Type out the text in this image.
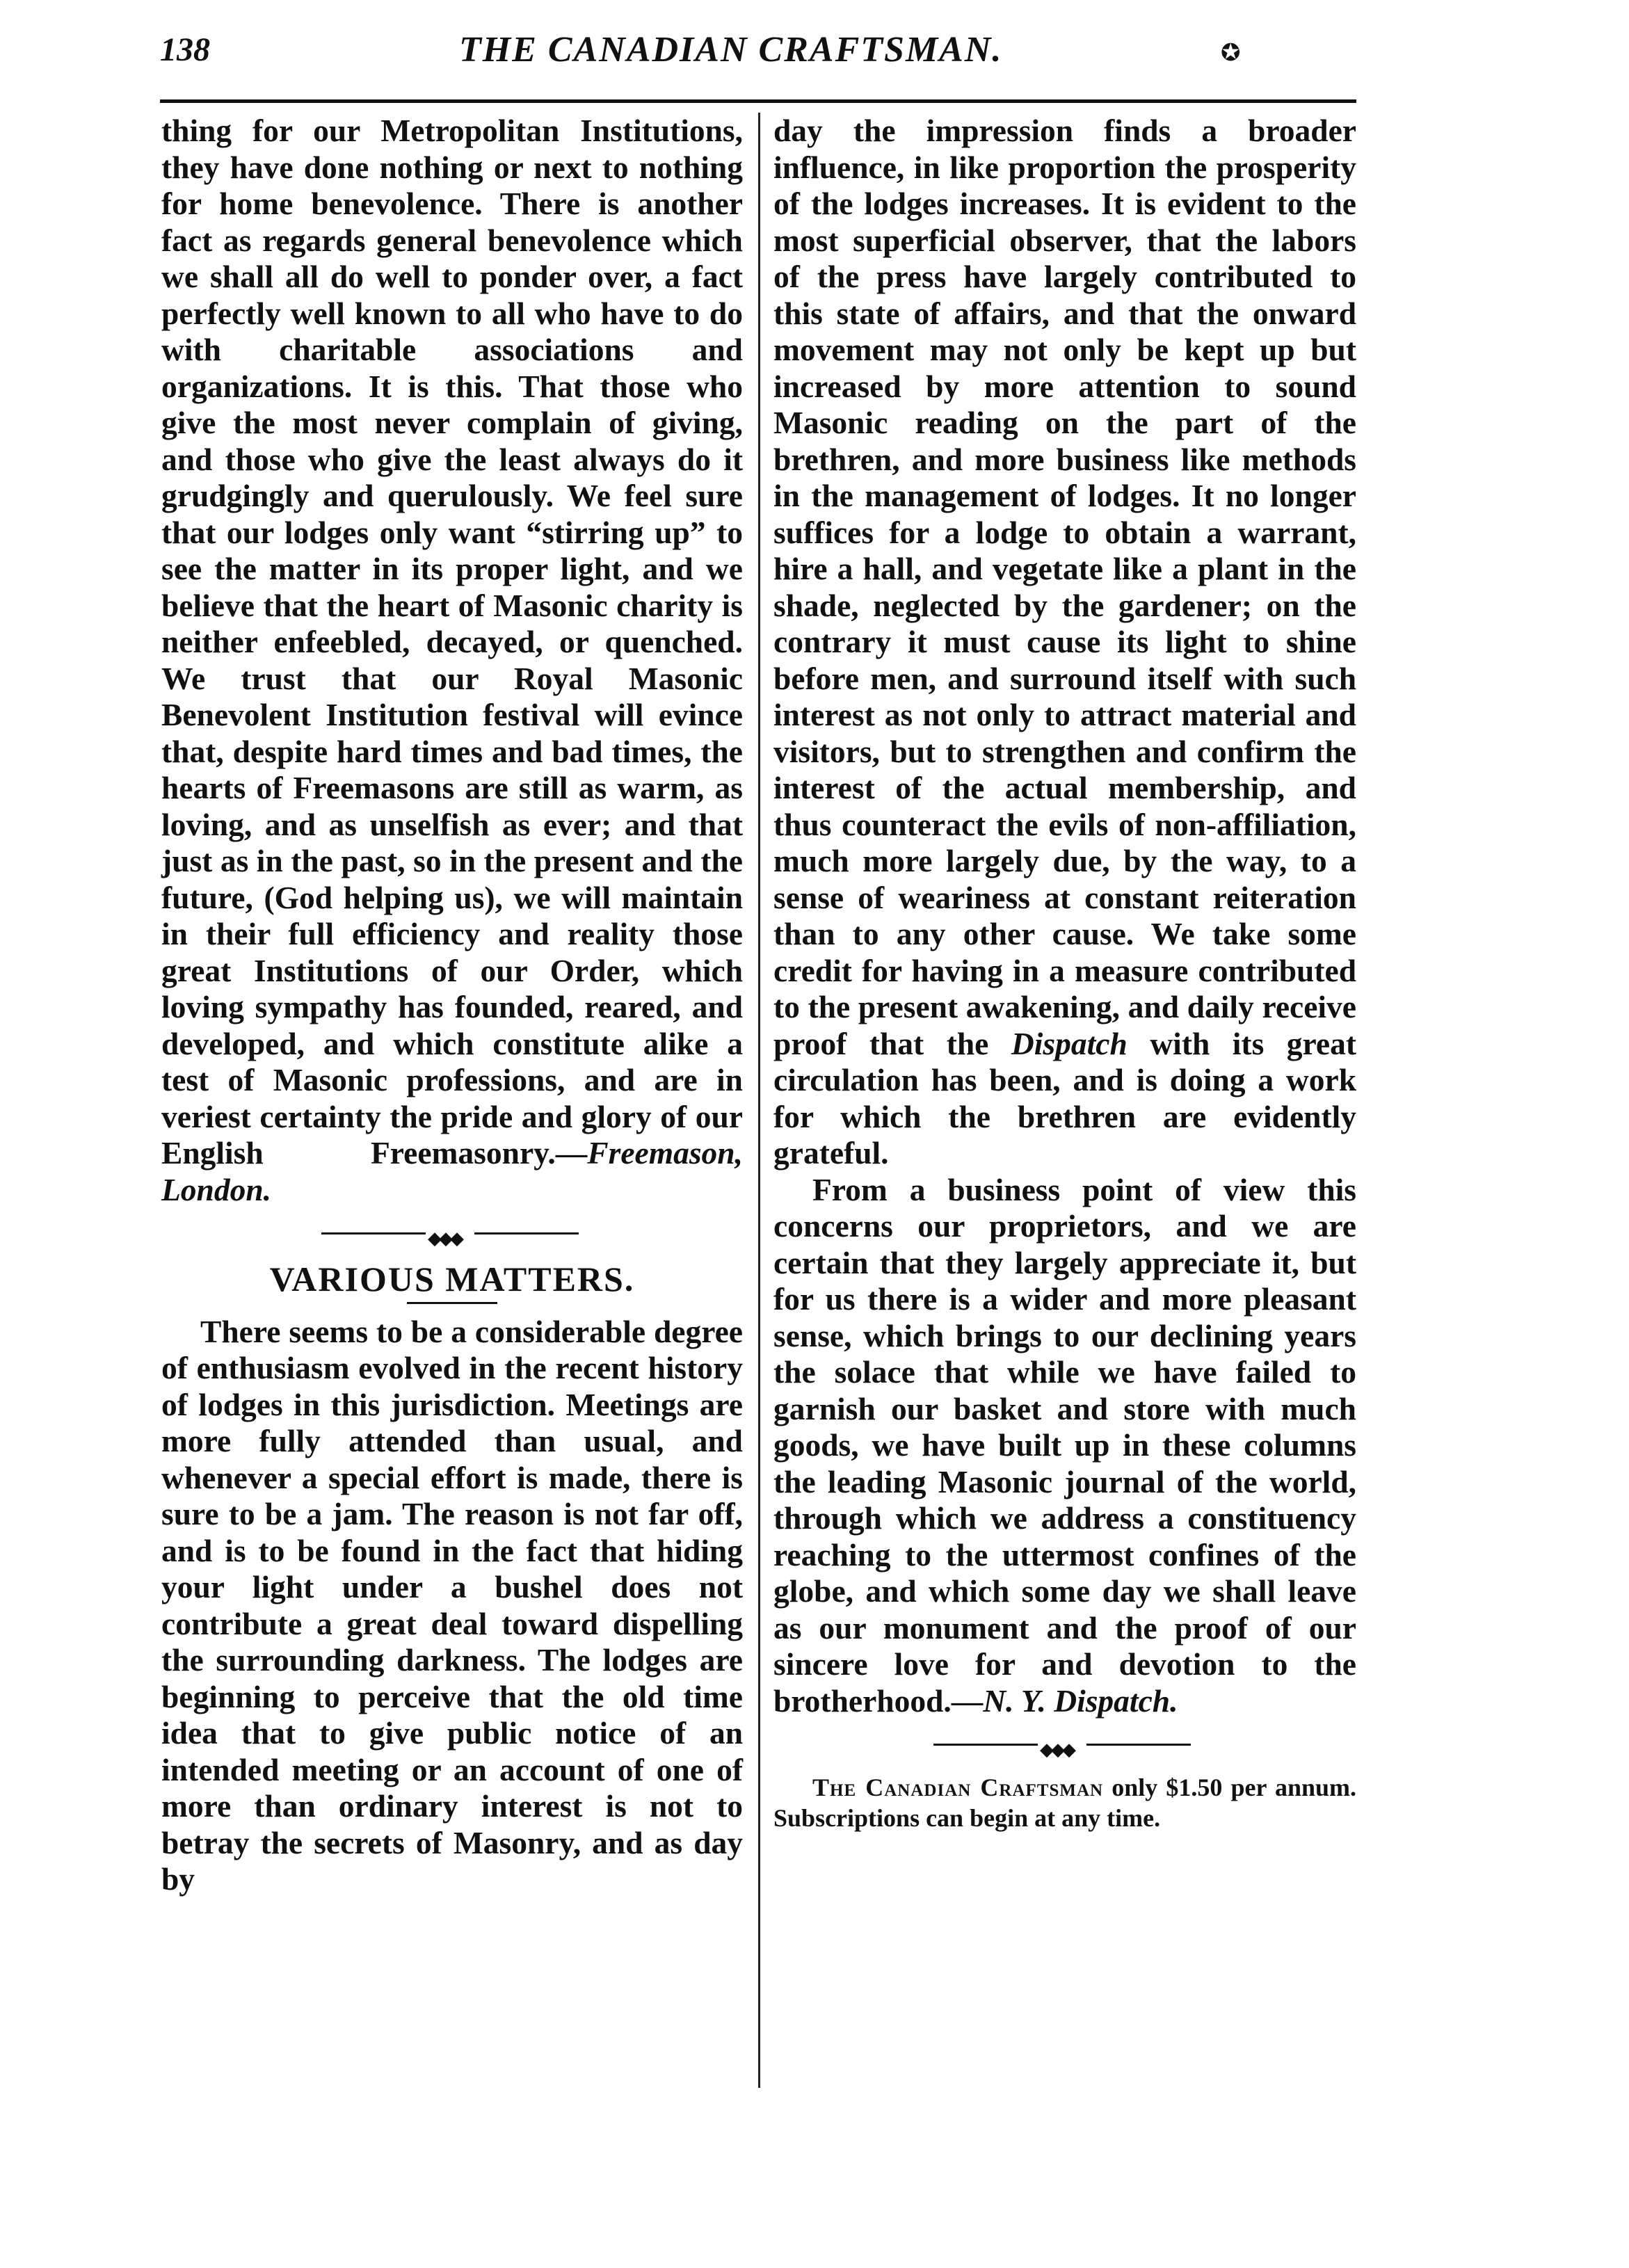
138	THE CANADIAN CRAFTSMAN.	✪

thing for our Metropolitan Institutions, they have done nothing or next to nothing for home benevolence. There is another fact as regards general benevolence which we shall all do well to ponder over, a fact perfectly well known to all who have to do with charitable associations and organizations. It is this. That those who give the most never complain of giving, and those who give the least always do it grudgingly and querulously. We feel sure that our lodges only want “stirring up” to see the matter in its proper light, and we believe that the heart of Masonic charity is neither enfeebled, decayed, or quenched. We trust that our Royal Masonic Benevolent Institution festival will evince that, despite hard times and bad times, the hearts of Freemasons are still as warm, as loving, and as unselfish as ever; and that just as in the past, so in the present and the future, (God helping us), we will maintain in their full efficiency and reality those great Institutions of our Order, which loving sympathy has founded, reared, and developed, and which constitute alike a test of Masonic professions, and are in veriest certainty the pride and glory of our English Freemasonry.—Freemason, London.

◆◆◆
VARIOUS MATTERS.

There seems to be a considerable degree of enthusiasm evolved in the recent history of lodges in this jurisdiction. Meetings are more fully attended than usual, and whenever a special effort is made, there is sure to be a jam. The reason is not far off, and is to be found in the fact that hiding your light under a bushel does not contribute a great deal toward dispelling the surrounding darkness. The lodges are beginning to perceive that the old time idea that to give public notice of an intended meeting or an account of one of more than ordinary interest is not to betray the secrets of Masonry, and as day by

day the impression finds a broader influence, in like proportion the prosperity of the lodges increases. It is evident to the most superficial observer, that the labors of the press have largely contributed to this state of affairs, and that the onward movement may not only be kept up but increased by more attention to sound Masonic reading on the part of the brethren, and more business like methods in the management of lodges. It no longer suffices for a lodge to obtain a warrant, hire a hall, and vegetate like a plant in the shade, neglected by the gardener; on the contrary it must cause its light to shine before men, and surround itself with such interest as not only to attract material and visitors, but to strengthen and confirm the interest of the actual membership, and thus counteract the evils of non-affiliation, much more largely due, by the way, to a sense of weariness at constant reiteration than to any other cause. We take some credit for having in a measure contributed to the present awakening, and daily receive proof that the Dispatch with its great circulation has been, and is doing a work for which the brethren are evidently grateful.

From a business point of view this concerns our proprietors, and we are certain that they largely appreciate it, but for us there is a wider and more pleasant sense, which brings to our declining years the solace that while we have failed to garnish our basket and store with much goods, we have built up in these columns the leading Masonic journal of the world, through which we address a constituency reaching to the uttermost confines of the globe, and which some day we shall leave as our monument and the proof of our sincere love for and devotion to the brotherhood.—N. Y. Dispatch.

◆◆◆

The Canadian Craftsman only $1.50 per annum. Subscriptions can begin at any time.
